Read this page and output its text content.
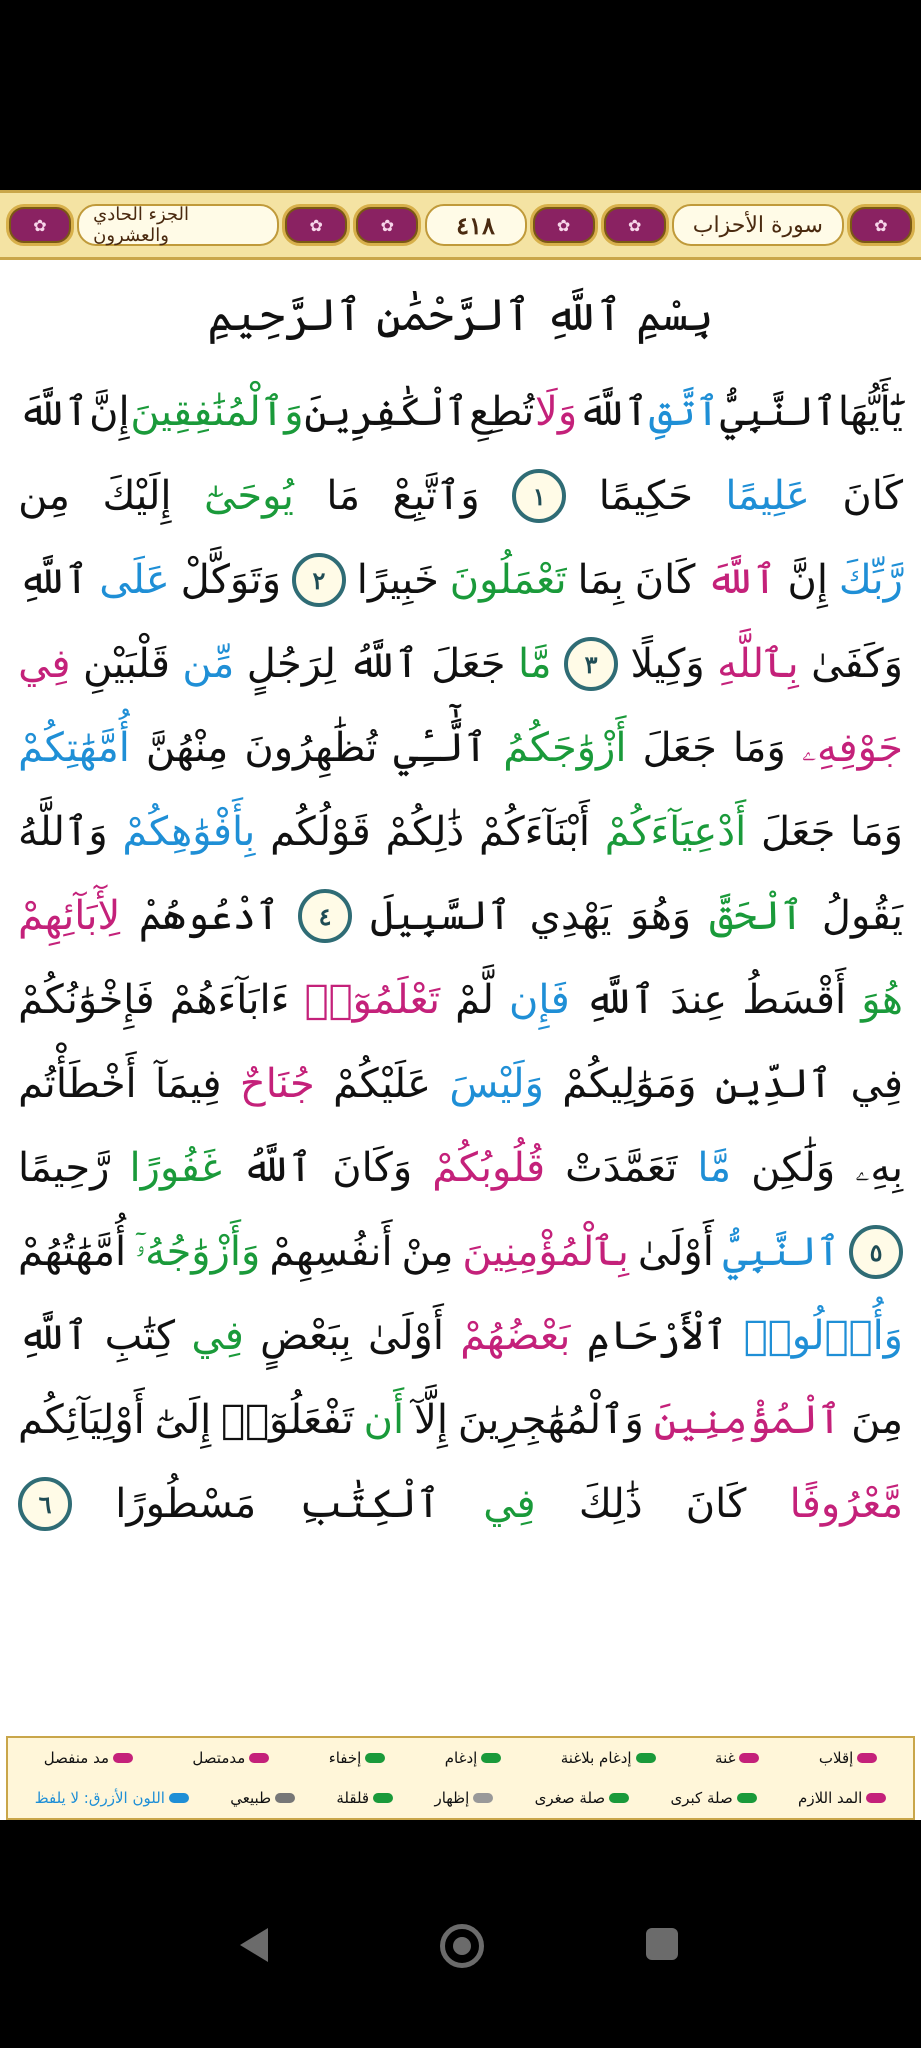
✿	الجزء الحادي والعشرون	✿	✿	٤١٨	✿	✿	سورة الأحزاب	✿
بِسْمِ ٱللَّهِ ٱلرَّحْمَٰنِ ٱلرَّحِيمِ
يَٰٓأَيُّهَا
ٱلنَّبِيُّ
ٱتَّقِ
ٱللَّهَ
وَلَا
تُطِعِ
ٱلْكَٰفِرِينَ
وَٱلْمُنَٰفِقِينَ
إِنَّ
ٱللَّهَ
كَانَ
عَلِيمًا
حَكِيمًا
١
وَٱتَّبِعْ
مَا
يُوحَىٰٓ
إِلَيْكَ
مِن
رَّبِّكَ
إِنَّ
ٱللَّهَ
كَانَ
بِمَا
تَعْمَلُونَ
خَبِيرًا
٢
وَتَوَكَّلْ
عَلَى
ٱللَّهِ
وَكَفَىٰ
بِٱللَّهِ
وَكِيلًا
٣
مَّا
جَعَلَ
ٱللَّهُ
لِرَجُلٍ
مِّن
قَلْبَيْنِ
فِي
جَوْفِهِۦ
وَمَا
جَعَلَ
أَزْوَٰجَكُمُ
ٱلَّٰٓـِٔي
تُظَٰهِرُونَ
مِنْهُنَّ
أُمَّهَٰتِكُمْ
وَمَا
جَعَلَ
أَدْعِيَآءَكُمْ
أَبْنَآءَكُمْ
ذَٰلِكُمْ
قَوْلُكُم
بِأَفْوَٰهِكُمْ
وَٱللَّهُ
يَقُولُ
ٱلْحَقَّ
وَهُوَ
يَهْدِي
ٱلسَّبِيلَ
٤
ٱدْعُوهُمْ
لِأٓبَآئِهِمْ
هُوَ
أَقْسَطُ
عِندَ
ٱللَّهِ
فَإِن
لَّمْ
تَعْلَمُوٓا۟
ءَابَآءَهُمْ
فَإِخْوَٰنُكُمْ
فِي
ٱلدِّينِ
وَمَوَٰلِيكُمْ
وَلَيْسَ
عَلَيْكُمْ
جُنَاحٌ
فِيمَآ
أَخْطَأْتُم
بِهِۦ
وَلَٰكِن
مَّا
تَعَمَّدَتْ
قُلُوبُكُمْ
وَكَانَ
ٱللَّهُ
غَفُورًا
رَّحِيمًا
٥
ٱلنَّبِيُّ
أَوْلَىٰ
بِٱلْمُؤْمِنِينَ
مِنْ
أَنفُسِهِمْ
وَأَزْوَٰجُهُۥٓ
أُمَّهَٰتُهُمْ
وَأُو۟لُوا۟
ٱلْأَرْحَامِ
بَعْضُهُمْ
أَوْلَىٰ
بِبَعْضٍ
فِي
كِتَٰبِ
ٱللَّهِ
مِنَ
ٱلْمُؤْمِنِينَ
وَٱلْمُهَٰجِرِينَ
إِلَّآ
أَن
تَفْعَلُوٓا۟
إِلَىٰٓ
أَوْلِيَآئِكُم
مَّعْرُوفًا
كَانَ
ذَٰلِكَ
فِي
ٱلْكِتَٰبِ
مَسْطُورًا
٦
إقلاب
غنة
إدغام بلاغنة
إدغام
إخفاء
مدمتصل
مد منفصل
المد اللازم
صلة كبرى
صلة صغرى
إظهار
قلقلة
طبيعي
اللون الأزرق: لا يلفظ
